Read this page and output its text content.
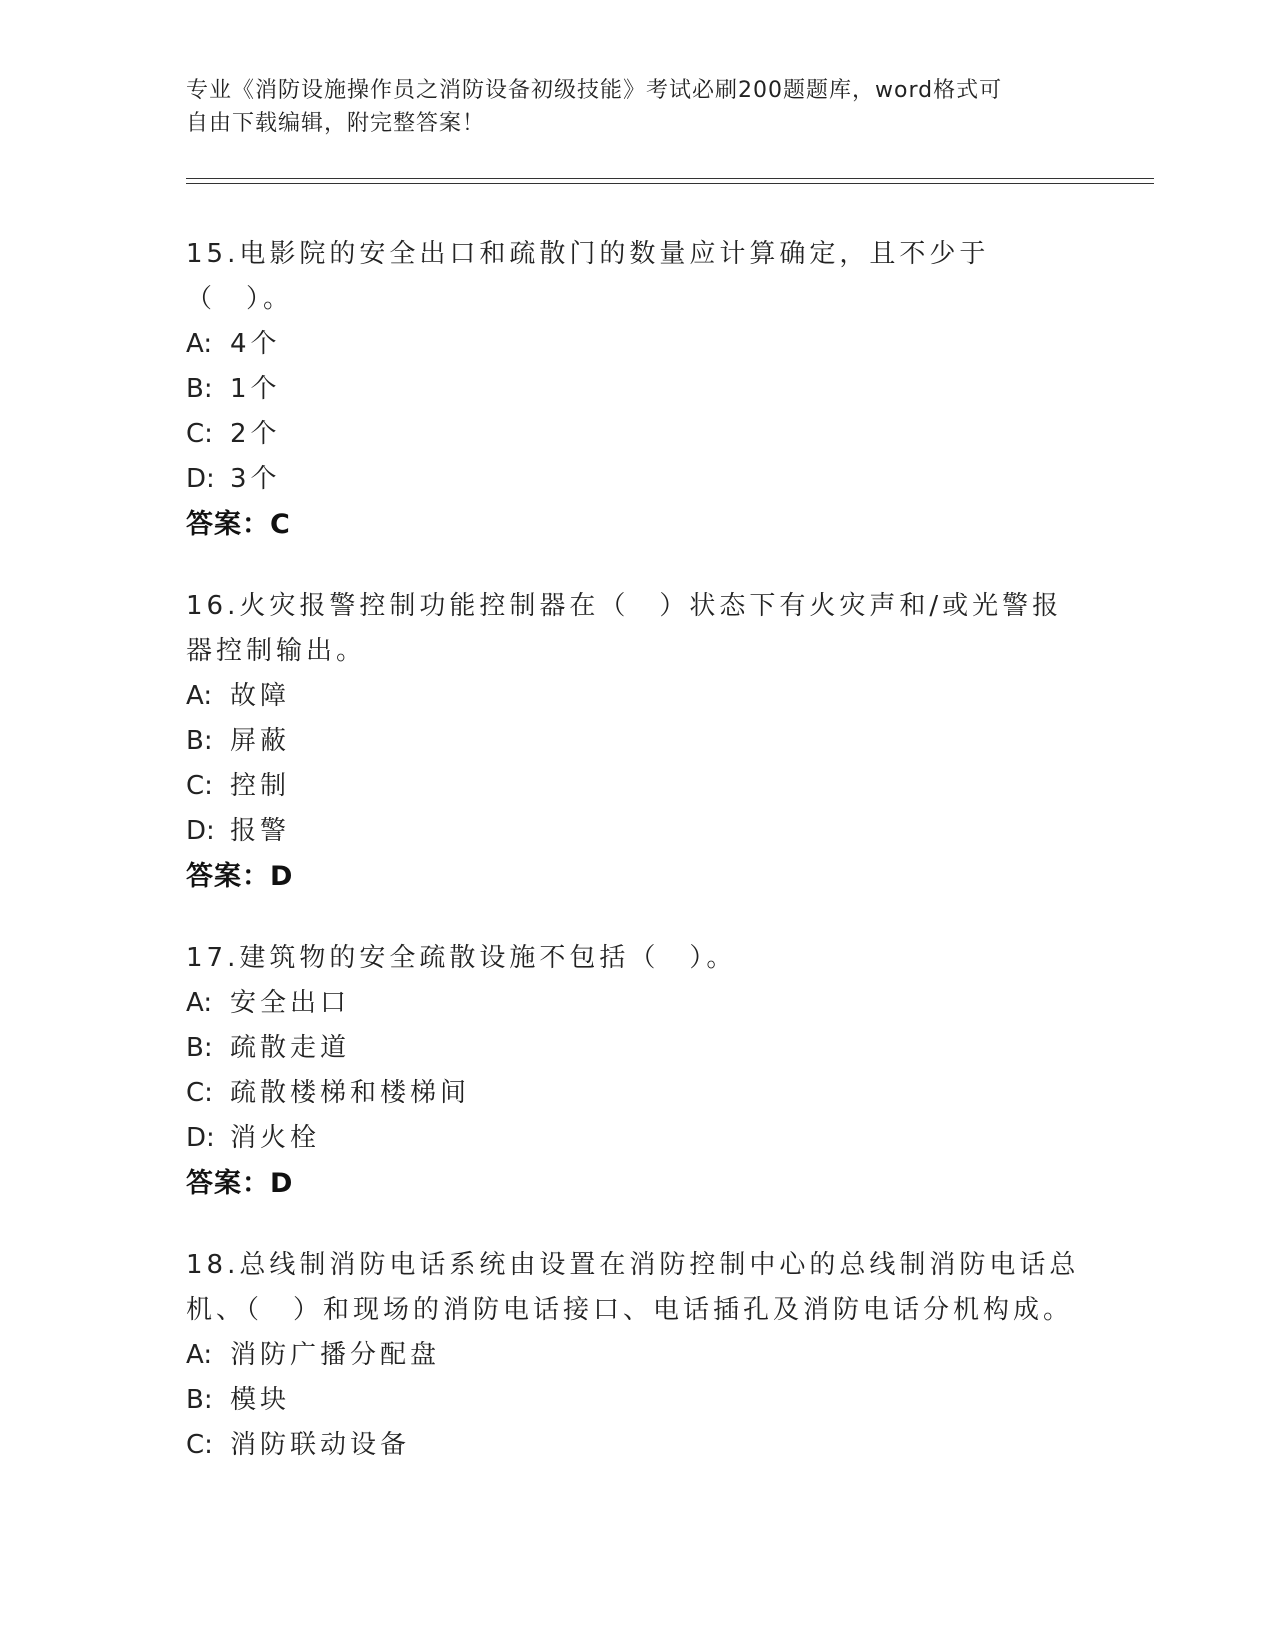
专业《消防设施操作员之消防设备初级技能》考试必刷200题题库，word格式可
自由下载编辑，附完整答案！

15.电影院的安全出口和疏散门的数量应计算确定，且不少于（　）。

A: 4个

B: 1个

C: 2个

D: 3个

答案：C

16.火灾报警控制功能控制器在（　）状态下有火灾声和/或光警报器控制输出。

A: 故障

B: 屏蔽

C: 控制

D: 报警

答案：D

17.建筑物的安全疏散设施不包括（　）。

A: 安全出口

B: 疏散走道

C: 疏散楼梯和楼梯间

D: 消火栓

答案：D

18.总线制消防电话系统由设置在消防控制中心的总线制消防电话总机、（　）和现场的消防电话接口、电话插孔及消防电话分机构成。

A: 消防广播分配盘

B: 模块

C: 消防联动设备
